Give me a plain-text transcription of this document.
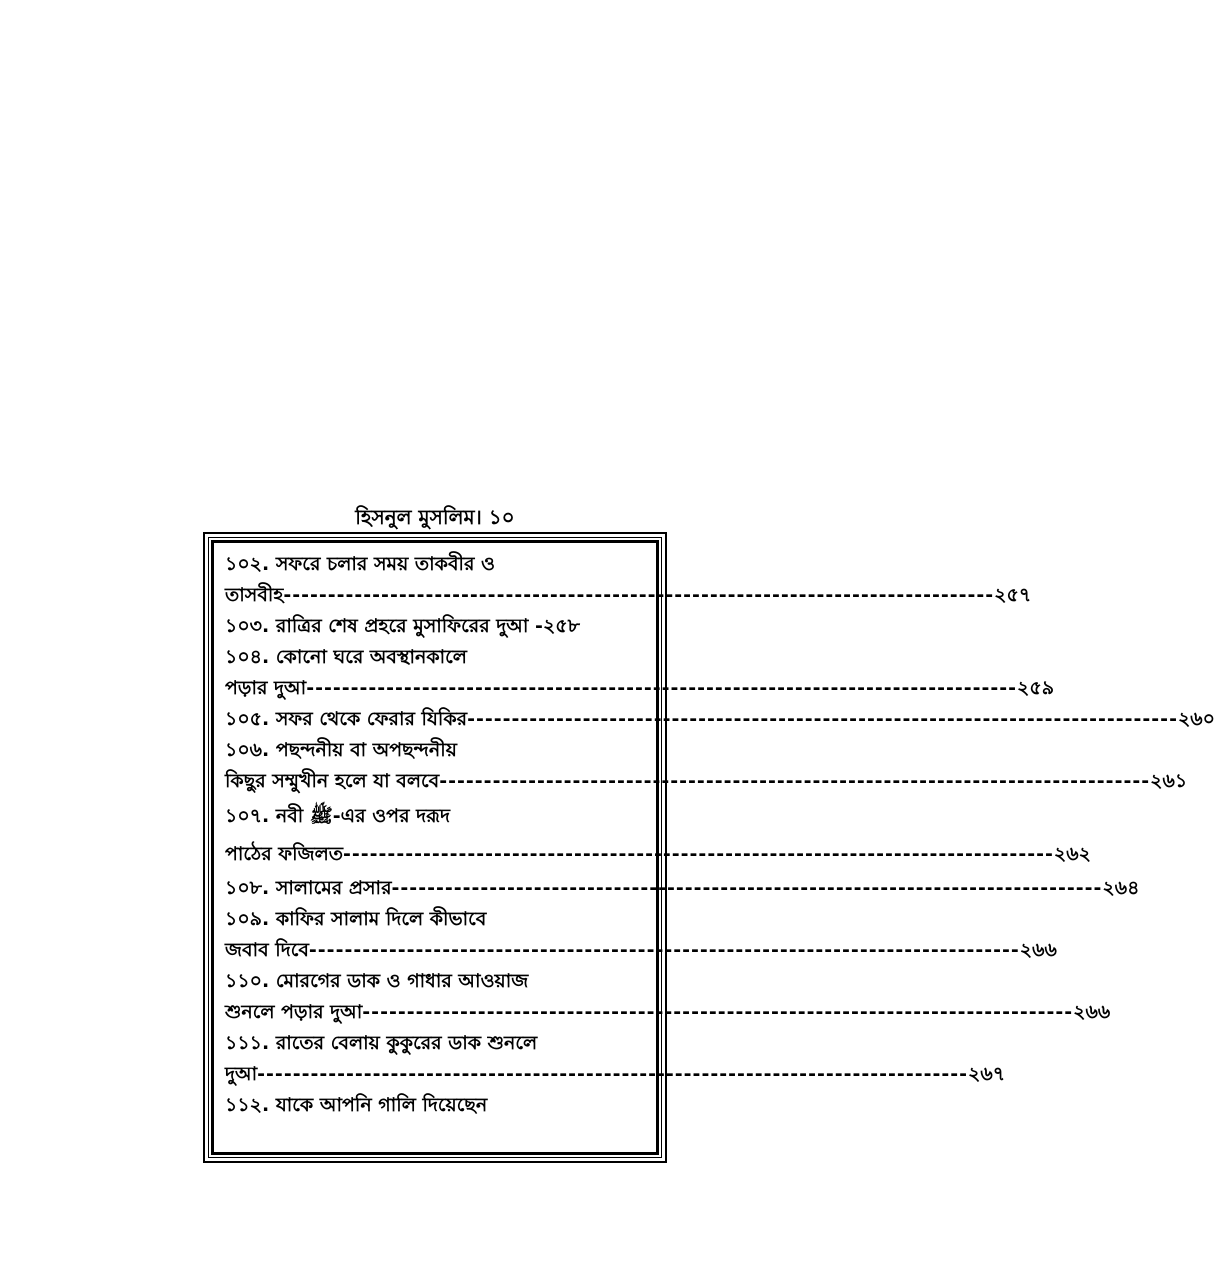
হিসনুল মুসলিম। ১০
১০২. সফরে চলার সময় তাকবীর ও
তাসবীহ -------------------------------------------------------------------------------- ২৫৭
১০৩. রাত্রির শেষ প্রহরে মুসাফিরের দুআ - ২৫৮
১০৪. কোনো ঘরে অবস্থানকালে
পড়ার দুআ -------------------------------------------------------------------------------- ২৫৯
১০৫. সফর থেকে ফেরার যিকির -------------------------------------------------------------------------------- ২৬০
১০৬. পছন্দনীয় বা অপছন্দনীয়
কিছুর সম্মুখীন হলে যা বলবে -------------------------------------------------------------------------------- ২৬১
১০৭. নবী ﷺ-এর ওপর দরূদ
পাঠের ফজিলত -------------------------------------------------------------------------------- ২৬২
১০৮. সালামের প্রসার -------------------------------------------------------------------------------- ২৬৪
১০৯. কাফির সালাম দিলে কীভাবে
জবাব দিবে -------------------------------------------------------------------------------- ২৬৬
১১০. মোরগের ডাক ও গাধার আওয়াজ
শুনলে পড়ার দুআ -------------------------------------------------------------------------------- ২৬৬
১১১. রাতের বেলায় কুকুরের ডাক শুনলে
দুআ -------------------------------------------------------------------------------- ২৬৭
১১২. যাকে আপনি গালি দিয়েছেন
